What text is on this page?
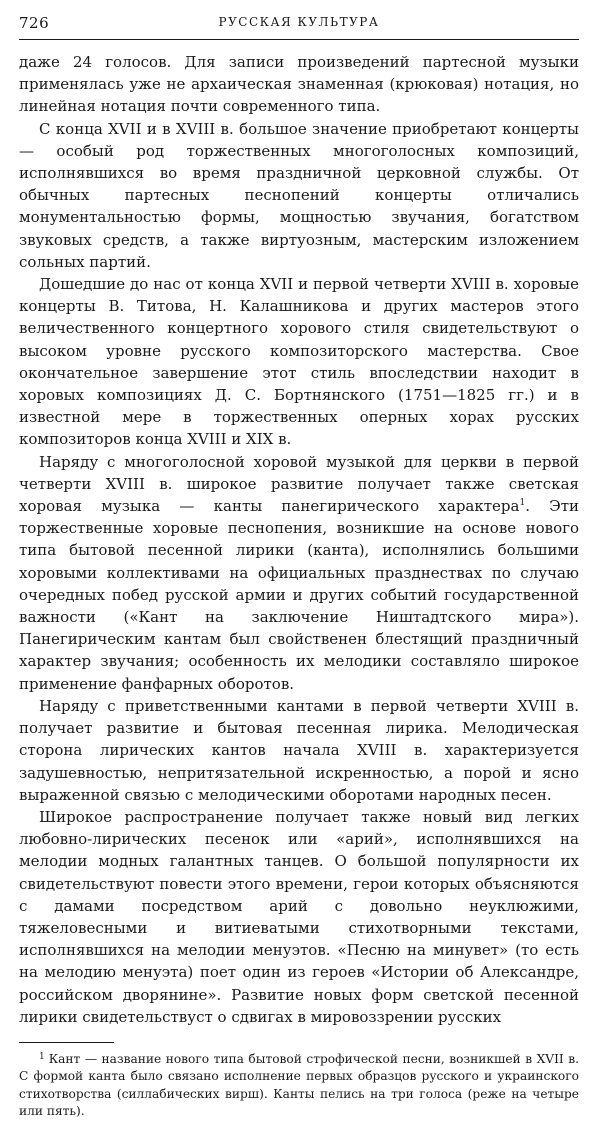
726	РУССКАЯ КУЛЬТУРА

даже 24 голосов. Для записи произведений партесной музыки применялась уже не архаическая знаменная (крюковая) нотация, но линейная нотация почти современного типа.

С конца XVII и в XVIII в. большое значение приобретают концерты — особый род торжественных многоголосных композиций, исполнявшихся во время праздничной церковной службы. От обычных партесных песнопений концерты отличались монументальностью формы, мощностью звучания, богатством звуковых средств, а также виртуозным, мастерским изложением сольных партий.

Дошедшие до нас от конца XVII и первой четверти XVIII в. хоровые концерты В. Титова, Н. Калашникова и других мастеров этого величественного концертного хорового стиля свидетельствуют о высоком уровне русского композиторского мастерства. Свое окончательное завершение этот стиль впоследствии находит в хоровых композициях Д. С. Бортнянского (1751—1825 гг.) и в известной мере в торжественных оперных хорах русских композиторов конца XVIII и XIX в.

Наряду с многоголосной хоровой музыкой для церкви в первой четверти XVIII в. широкое развитие получает также светская хоровая музыка — канты панегирического характера$^1$. Эти торжественные хоровые песнопения, возникшие на основе нового типа бытовой песенной лирики (канта), исполнялись большими хоровыми коллективами на официальных празднествах по случаю очередных побед русской армии и других событий государственной важности («Кант на заключение Ништадтского мира»). Панегирическим кантам был свойственен блестящий праздничный характер звучания; особенность их мелодики составляло широкое применение фанфарных оборотов.

Наряду с приветственными кантами в первой четверти XVIII в. получает развитие и бытовая песенная лирика. Мелодическая сторона лирических кантов начала XVIII в. характеризуется задушевностью, непритязательной искренностью, а порой и ясно выраженной связью с мелодическими оборотами народных песен.

Широкое распространение получает также новый вид легких любовно-лирических песенок или «арий», исполнявшихся на мелодии модных галантных танцев. О большой популярности их свидетельствуют повести этого времени, герои которых объясняются с дамами посредством арий с довольно неуклюжими, тяжеловесными и витиеватыми стихотворными текстами, исполнявшихся на мелодии менуэтов. «Песню на минувет» (то есть на мелодию менуэта) поет один из героев «Истории об Александре, российском дворянине». Развитие новых форм светской песенной лирики свидетельствуст о сдвигах в мировоззрении русских

$^1$ Кант — название нового типа бытовой строфической песни, возникшей в XVII в. С формой канта было связано исполнение первых образцов русского и украинского стихотворства (силлабических вирш). Канты пелись на три голоса (реже на четыре или пять).
